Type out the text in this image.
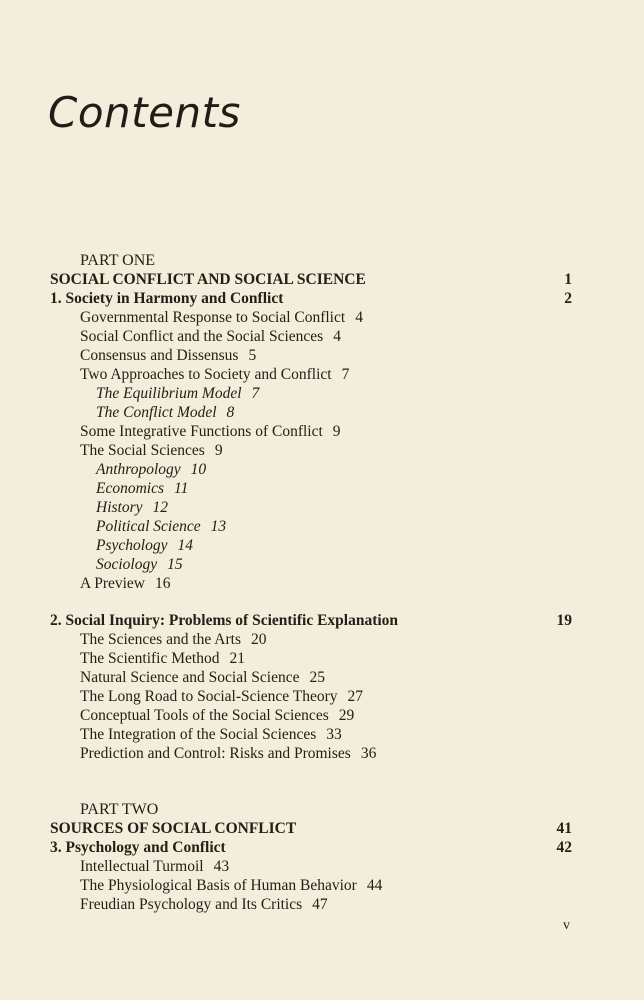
Contents
PART ONE
SOCIAL CONFLICT AND SOCIAL SCIENCE	1
1. Society in Harmony and Conflict	2
Governmental Response to Social Conflict 4
Social Conflict and the Social Sciences 4
Consensus and Dissensus 5
Two Approaches to Society and Conflict 7
The Equilibrium Model 7
The Conflict Model 8
Some Integrative Functions of Conflict 9
The Social Sciences 9
Anthropology 10
Economics 11
History 12
Political Science 13
Psychology 14
Sociology 15
A Preview 16
2. Social Inquiry: Problems of Scientific Explanation	19
The Sciences and the Arts 20
The Scientific Method 21
Natural Science and Social Science 25
The Long Road to Social-Science Theory 27
Conceptual Tools of the Social Sciences 29
The Integration of the Social Sciences 33
Prediction and Control: Risks and Promises 36
PART TWO
SOURCES OF SOCIAL CONFLICT	41
3. Psychology and Conflict	42
Intellectual Turmoil 43
The Physiological Basis of Human Behavior 44
Freudian Psychology and Its Critics 47
v
